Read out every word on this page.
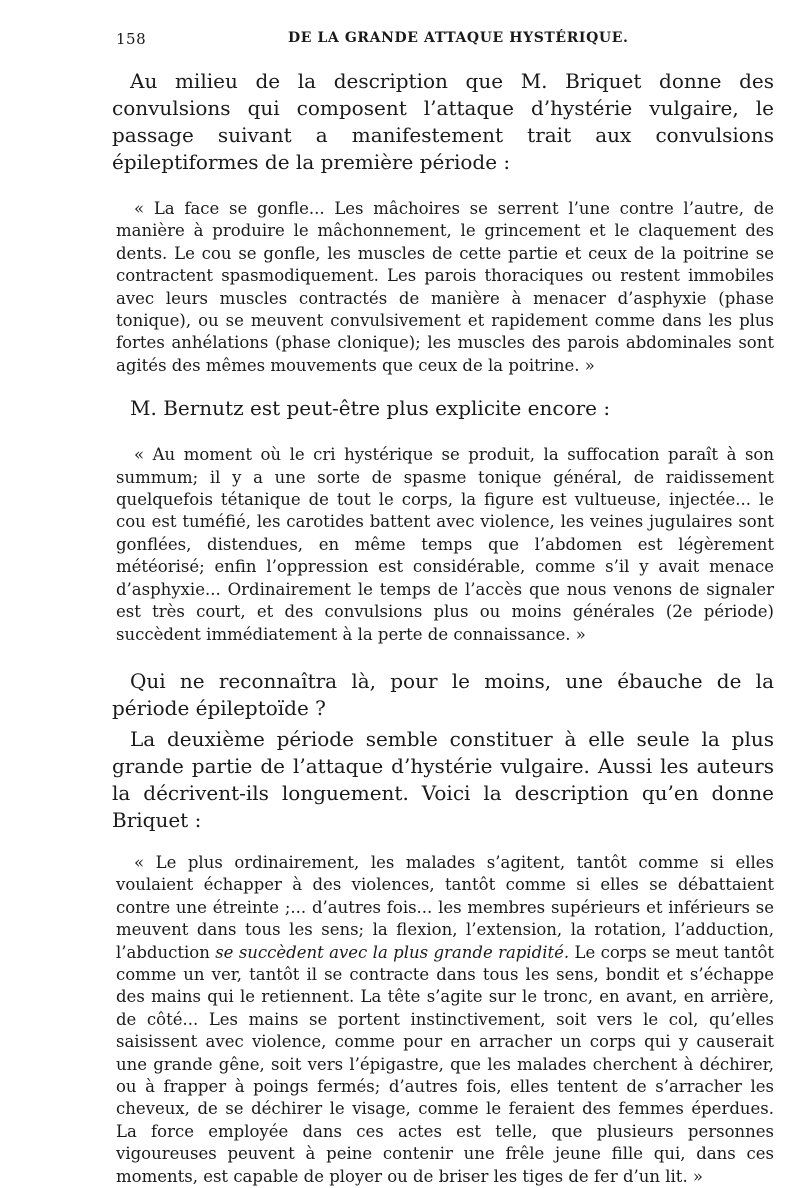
158	DE LA GRANDE ATTAQUE HYSTÉRIQUE.

Au milieu de la description que M. Briquet donne des convulsions qui composent l’attaque d’hystérie vulgaire, le passage suivant a manifestement trait aux convulsions épileptiformes de la première période :

« La face se gonfle... Les mâchoires se serrent l’une contre l’autre, de manière à produire le mâchonnement, le grincement et le claquement des dents. Le cou se gonfle, les muscles de cette partie et ceux de la poitrine se contractent spasmodiquement. Les parois thoraciques ou restent immobiles avec leurs muscles contractés de manière à menacer d’asphyxie (phase tonique), ou se meuvent convulsivement et rapidement comme dans les plus fortes anhélations (phase clonique); les muscles des parois abdominales sont agités des mêmes mouvements que ceux de la poitrine. »

M. Bernutz est peut-être plus explicite encore :

« Au moment où le cri hystérique se produit, la suffocation paraît à son summum; il y a une sorte de spasme tonique général, de raidissement quelquefois tétanique de tout le corps, la figure est vultueuse, injectée... le cou est tuméfié, les carotides battent avec violence, les veines jugulaires sont gonflées, distendues, en même temps que l’abdomen est légèrement météorisé; enfin l’oppression est considérable, comme s’il y avait menace d’asphyxie... Ordinairement le temps de l’accès que nous venons de signaler est très court, et des convulsions plus ou moins générales (2e période) succèdent immédiatement à la perte de connaissance. »

Qui ne reconnaîtra là, pour le moins, une ébauche de la période épileptoïde ?

La deuxième période semble constituer à elle seule la plus grande partie de l’attaque d’hystérie vulgaire. Aussi les auteurs la décrivent-ils longuement. Voici la description qu’en donne Briquet :

« Le plus ordinairement, les malades s’agitent, tantôt comme si elles voulaient échapper à des violences, tantôt comme si elles se débattaient contre une étreinte ;... d’autres fois... les membres supérieurs et inférieurs se meuvent dans tous les sens; la flexion, l’extension, la rotation, l’adduction, l’abduction se succèdent avec la plus grande rapidité. Le corps se meut tantôt comme un ver, tantôt il se contracte dans tous les sens, bondit et s’échappe des mains qui le retiennent. La tête s’agite sur le tronc, en avant, en arrière, de côté... Les mains se portent instinctivement, soit vers le col, qu’elles saisissent avec violence, comme pour en arracher un corps qui y causerait une grande gêne, soit vers l’épigastre, que les malades cherchent à déchirer, ou à frapper à poings fermés; d’autres fois, elles tentent de s’arracher les cheveux, de se déchirer le visage, comme le feraient des femmes éperdues. La force employée dans ces actes est telle, que plusieurs personnes vigoureuses peuvent à peine contenir une frêle jeune fille qui, dans ces moments, est capable de ployer ou de briser les tiges de fer d’un lit. »
